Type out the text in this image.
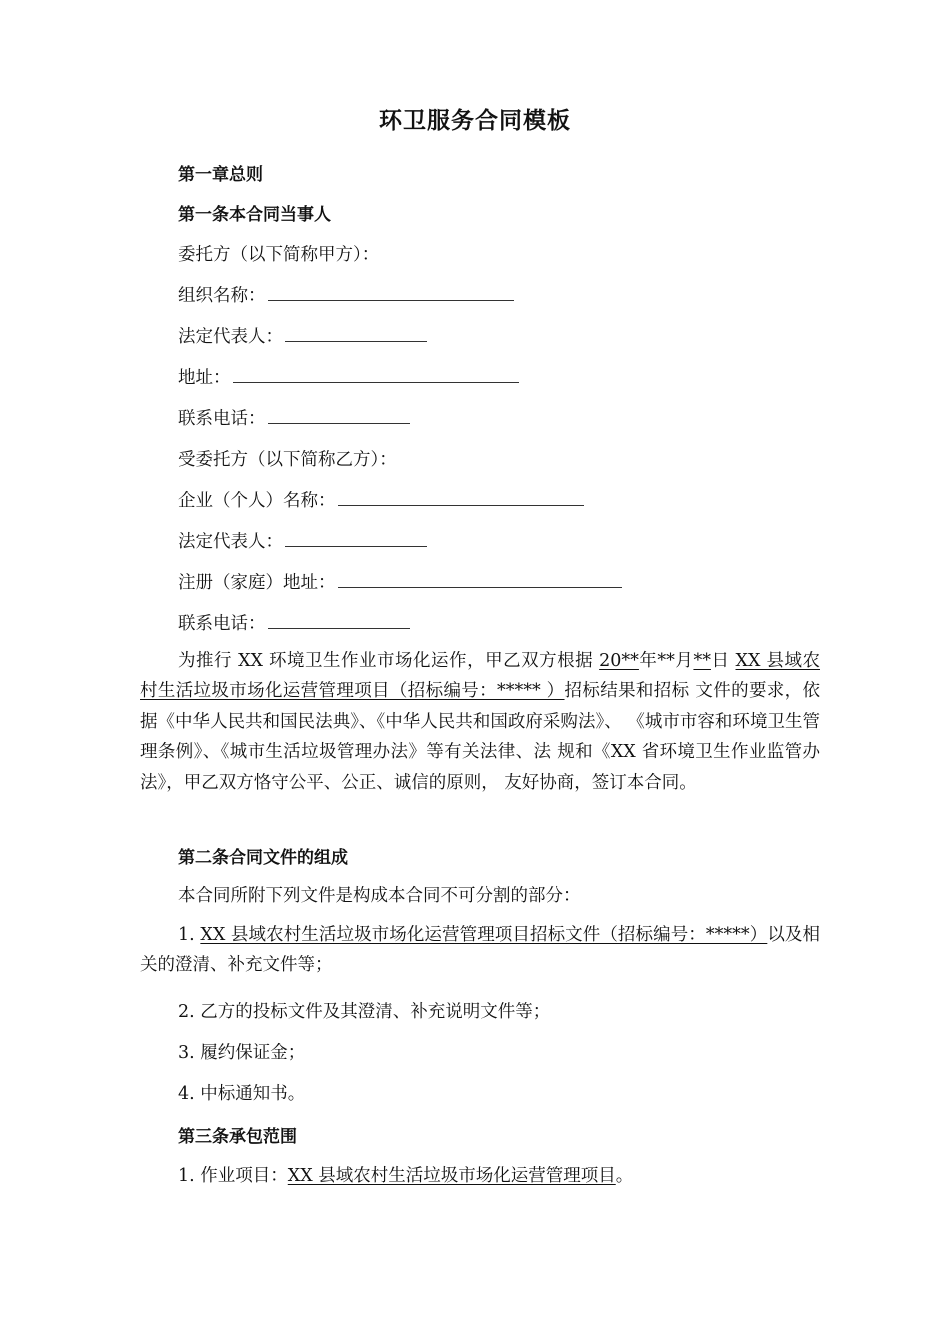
环卫服务合同模板
第一章总则
第一条本合同当事人
委托方（以下简称甲方）：
组织名称：
法定代表人：
地址：
联系电话：
受委托方（以下简称乙方）：
企业（个人）名称：
法定代表人：
注册（家庭）地址：
联系电话：
为推行 XX 环境卫生作业市场化运作，甲乙双方根据 20**年**月**日 XX 县域农村生活垃圾市场化运营管理项目（招标编号：***** ）招标结果和招标 文件的要求，依据《中华人民共和国民法典》、《中华人民共和国政府采购法》、 《城市市容和环境卫生管理条例》、《城市生活垃圾管理办法》等有关法律、法 规和《XX 省环境卫生作业监管办法》，甲乙双方恪守公平、公正、诚信的原则， 友好协商，签订本合同。
第二条合同文件的组成
本合同所附下列文件是构成本合同不可分割的部分：
1. XX 县域农村生活垃圾市场化运营管理项目招标文件（招标编号：*****）以及相关的澄清、补充文件等；
2. 乙方的投标文件及其澄清、补充说明文件等；
3. 履约保证金；
4. 中标通知书。
第三条承包范围
1. 作业项目：XX 县域农村生活垃圾市场化运营管理项目。
